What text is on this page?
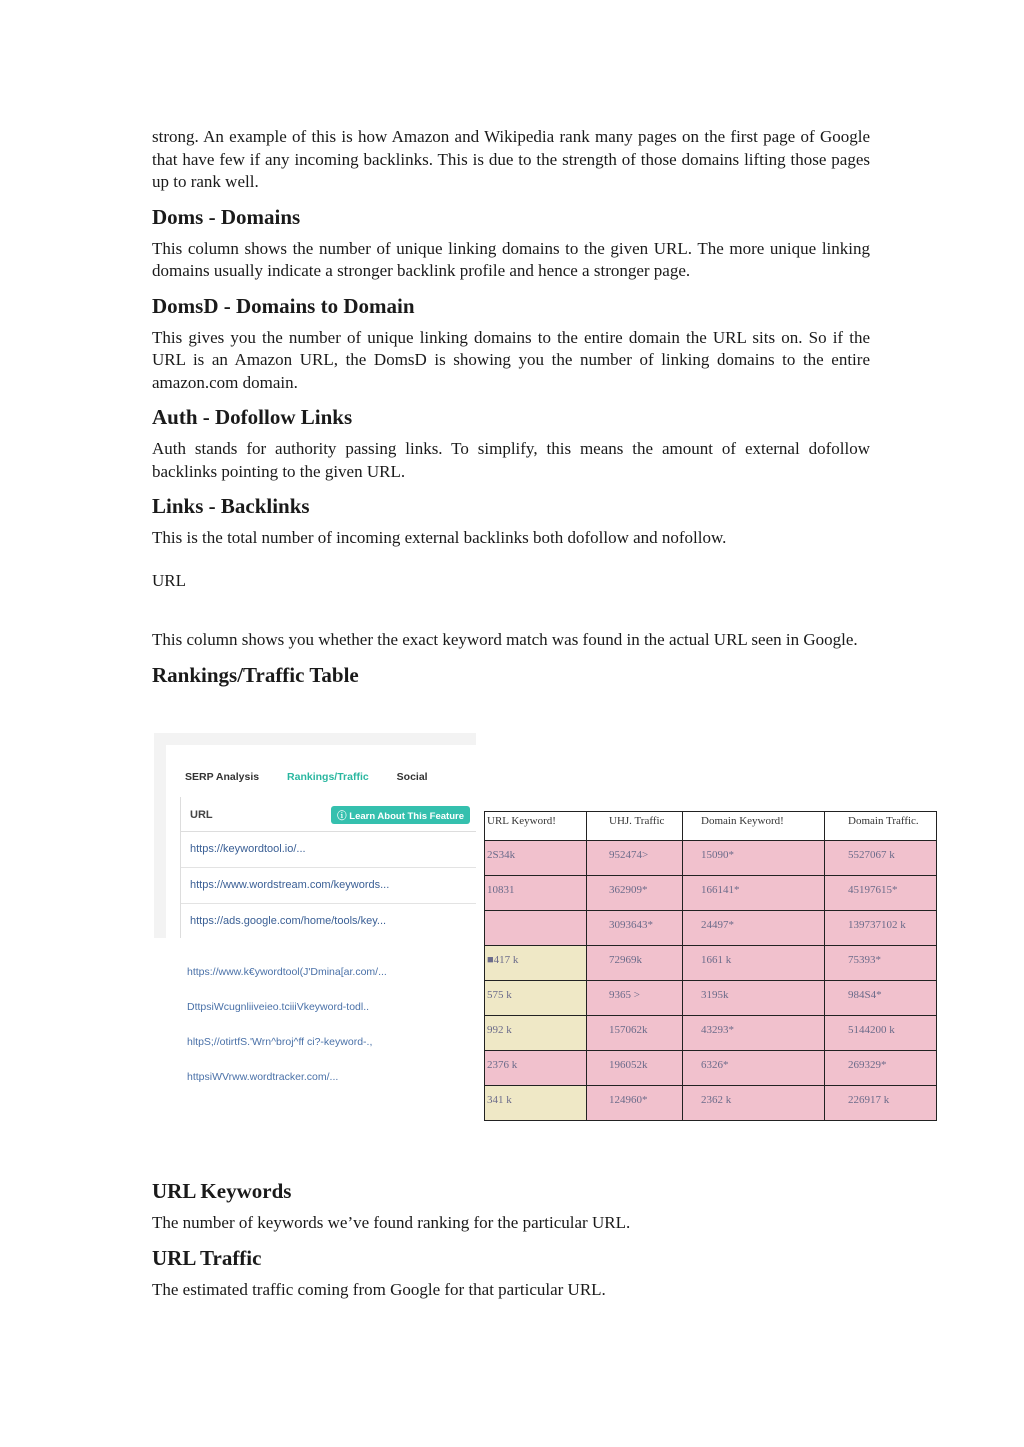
strong. An example of this is how Amazon and Wikipedia rank many pages on the first page of Google that have few if any incoming backlinks. This is due to the strength of those domains lifting those pages up to rank well.

Doms - Domains

This column shows the number of unique linking domains to the given URL. The more unique linking domains usually indicate a stronger backlink profile and hence a stronger page.

DomsD - Domains to Domain

This gives you the number of unique linking domains to the entire domain the URL sits on. So if the URL is an Amazon URL, the DomsD is showing you the number of linking domains to the entire amazon.com domain.

Auth - Dofollow Links

Auth stands for authority passing links. To simplify, this means the amount of external dofollow backlinks pointing to the given URL.

Links - Backlinks

This is the total number of incoming external backlinks both dofollow and nofollow.

URL

This column shows you whether the exact keyword match was found in the actual URL seen in Google.

Rankings/Traffic Table
SERP Analysis	Rankings/Traffic	Social
URL	ⓘ Learn About This Feature
https://keywordtool.io/...
https://www.wordstream.com/keywords...
https://ads.google.com/home/tools/key...
https://www.k€ywordtool(J'Dmina[ar.com/...
DttpsiWcugnliiveieo.tciiiVkeyword-todl..
hltpS;//otirtfS.'Wrn^broj^ff ci?-keyword-.,
httpsiWVrww.wordtracker.com/...
URL Keyword!	UHJ. Traffic	Domain Keyword!	Domain Traffic.
2S34k	952474>	15090*	5527067 k
10831	362909*	166141*	45197615*
	3093643*	24497*	139737102 k
■417 k	72969k	1661 k	75393*
575 k	9365 >	3195k	984S4*
992 k	157062k	43293*	5144200 k
2376 k	196052k	6326*	269329*
341 k	124960*	2362 k	226917 k
URL Keywords

The number of keywords we’ve found ranking for the particular URL.

URL Traffic

The estimated traffic coming from Google for that particular URL.
